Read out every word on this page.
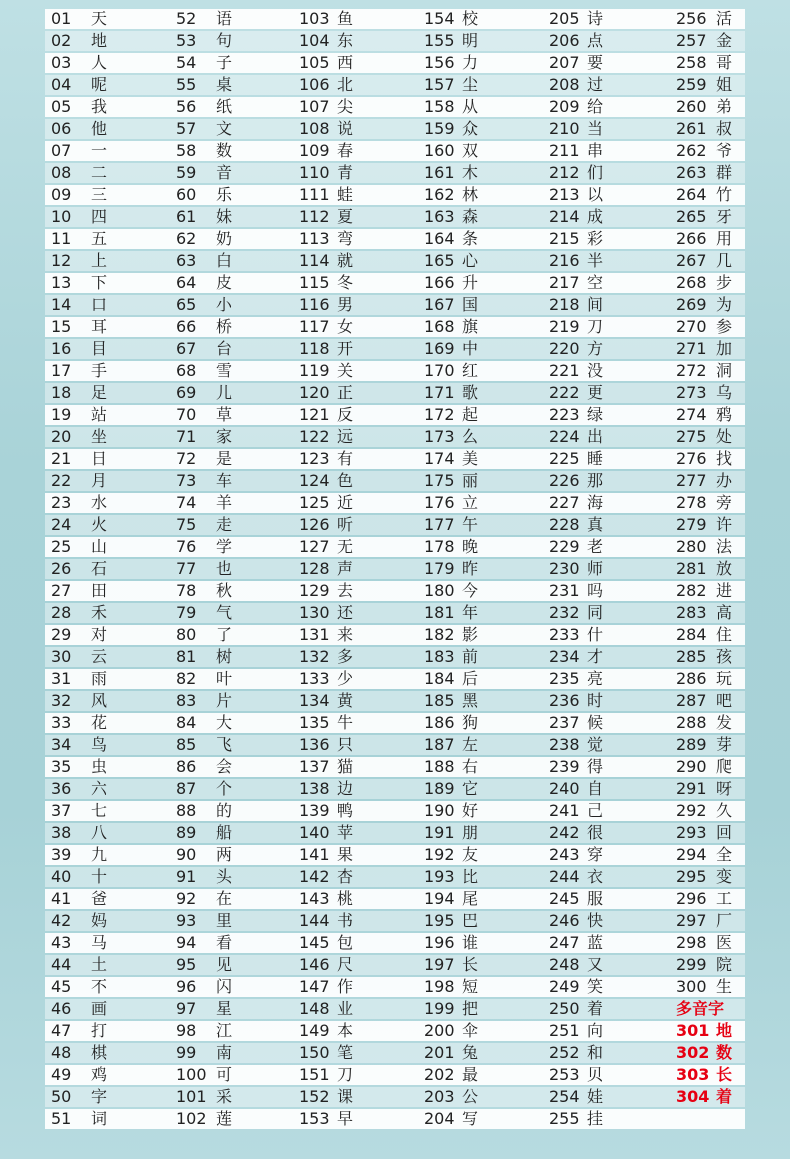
01 天	52 语	103 鱼	154 校	205 诗	256 活
02 地	53 句	104 东	155 明	206 点	257 金
03 人	54 子	105 西	156 力	207 要	258 哥
04 呢	55 桌	106 北	157 尘	208 过	259 姐
05 我	56 纸	107 尖	158 从	209 给	260 弟
06 他	57 文	108 说	159 众	210 当	261 叔
07 一	58 数	109 春	160 双	211 串	262 爷
08 二	59 音	110 青	161 木	212 们	263 群
09 三	60 乐	111 蛙	162 林	213 以	264 竹
10 四	61 妹	112 夏	163 森	214 成	265 牙
11 五	62 奶	113 弯	164 条	215 彩	266 用
12 上	63 白	114 就	165 心	216 半	267 几
13 下	64 皮	115 冬	166 升	217 空	268 步
14 口	65 小	116 男	167 国	218 间	269 为
15 耳	66 桥	117 女	168 旗	219 刀	270 参
16 目	67 台	118 开	169 中	220 方	271 加
17 手	68 雪	119 关	170 红	221 没	272 洞
18 足	69 儿	120 正	171 歌	222 更	273 乌
19 站	70 草	121 反	172 起	223 绿	274 鸦
20 坐	71 家	122 远	173 么	224 出	275 处
21 日	72 是	123 有	174 美	225 睡	276 找
22 月	73 车	124 色	175 丽	226 那	277 办
23 水	74 羊	125 近	176 立	227 海	278 旁
24 火	75 走	126 听	177 午	228 真	279 许
25 山	76 学	127 无	178 晚	229 老	280 法
26 石	77 也	128 声	179 昨	230 师	281 放
27 田	78 秋	129 去	180 今	231 吗	282 进
28 禾	79 气	130 还	181 年	232 同	283 高
29 对	80 了	131 来	182 影	233 什	284 住
30 云	81 树	132 多	183 前	234 才	285 孩
31 雨	82 叶	133 少	184 后	235 亮	286 玩
32 风	83 片	134 黄	185 黑	236 时	287 吧
33 花	84 大	135 牛	186 狗	237 候	288 发
34 鸟	85 飞	136 只	187 左	238 觉	289 芽
35 虫	86 会	137 猫	188 右	239 得	290 爬
36 六	87 个	138 边	189 它	240 自	291 呀
37 七	88 的	139 鸭	190 好	241 己	292 久
38 八	89 船	140 苹	191 朋	242 很	293 回
39 九	90 两	141 果	192 友	243 穿	294 全
40 十	91 头	142 杏	193 比	244 衣	295 变
41 爸	92 在	143 桃	194 尾	245 服	296 工
42 妈	93 里	144 书	195 巴	246 快	297 厂
43 马	94 看	145 包	196 谁	247 蓝	298 医
44 土	95 见	146 尺	197 长	248 又	299 院
45 不	96 闪	147 作	198 短	249 笑	300 生
46 画	97 星	148 业	199 把	250 着	多音字
47 打	98 江	149 本	200 伞	251 向	301 地
48 棋	99 南	150 笔	201 兔	252 和	302 数
49 鸡	100 可	151 刀	202 最	253 贝	303 长
50 字	101 采	152 课	203 公	254 娃	304 着
51 词	102 莲	153 早	204 写	255 挂
